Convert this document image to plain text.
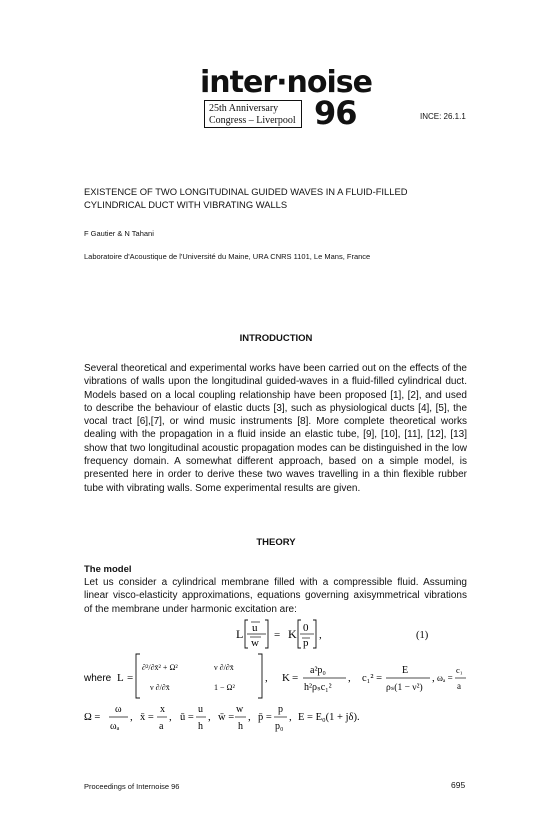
inter·noise
25th Anniversary
Congress – Liverpool 96	INCE: 26.1.1
EXISTENCE OF TWO LONGITUDINAL GUIDED WAVES IN A FLUID-FILLED
CYLINDRICAL DUCT WITH VIBRATING WALLS
F Gautier & N Tahani
Laboratoire d'Acoustique de l'Université du Maine, URA CNRS 1101, Le Mans, France
INTRODUCTION
Several theoretical and experimental works have been carried out on the effects of the vibrations of walls upon the longitudinal guided-waves in a fluid-filled cylindrical duct. Models based on a local coupling relationship have been proposed [1], [2], and used to describe the behaviour of elastic ducts [3], such as physiological ducts [4], [5], the vocal tract [6],[7], or wind music instruments [8]. More complete theoretical works dealing with the propagation in a fluid inside an elastic tube, [9], [10], [11], [12], [13] show that two longitudinal acoustic propagation modes can be distinguished in the low frequency domain. A somewhat different approach, based on a simple model, is presented here in order to derive these two waves travelling in a thin flexible rubber tube with vibrating walls. Some experimental results are given.
THEORY
The model
Let us consider a cylindrical membrane filled with a compressible fluid. Assuming linear visco-elasticity approximations, equations governing axisymmetrical vibrations of the membrane under harmonic excitation are:
L u
w
= K 0
p
,	(1)
where L =
∂²/∂x̄² + Ω²	ν ∂/∂x̄
ν ∂/∂x̄	1 − Ω²
, K =
a²p₀
h²ρₛc₁²
, c₁² =
E
ρₛ(1 − ν²)
, ωₐ =
c₁
a
Ω =
ω
ωₐ
, x̄ =
x
a
, ū =
u
h
, w̄ =
w
h
, p̄ =
p
p₀
, E = E₀(1 + jδ).
Proceedings of Internoise 96	695
